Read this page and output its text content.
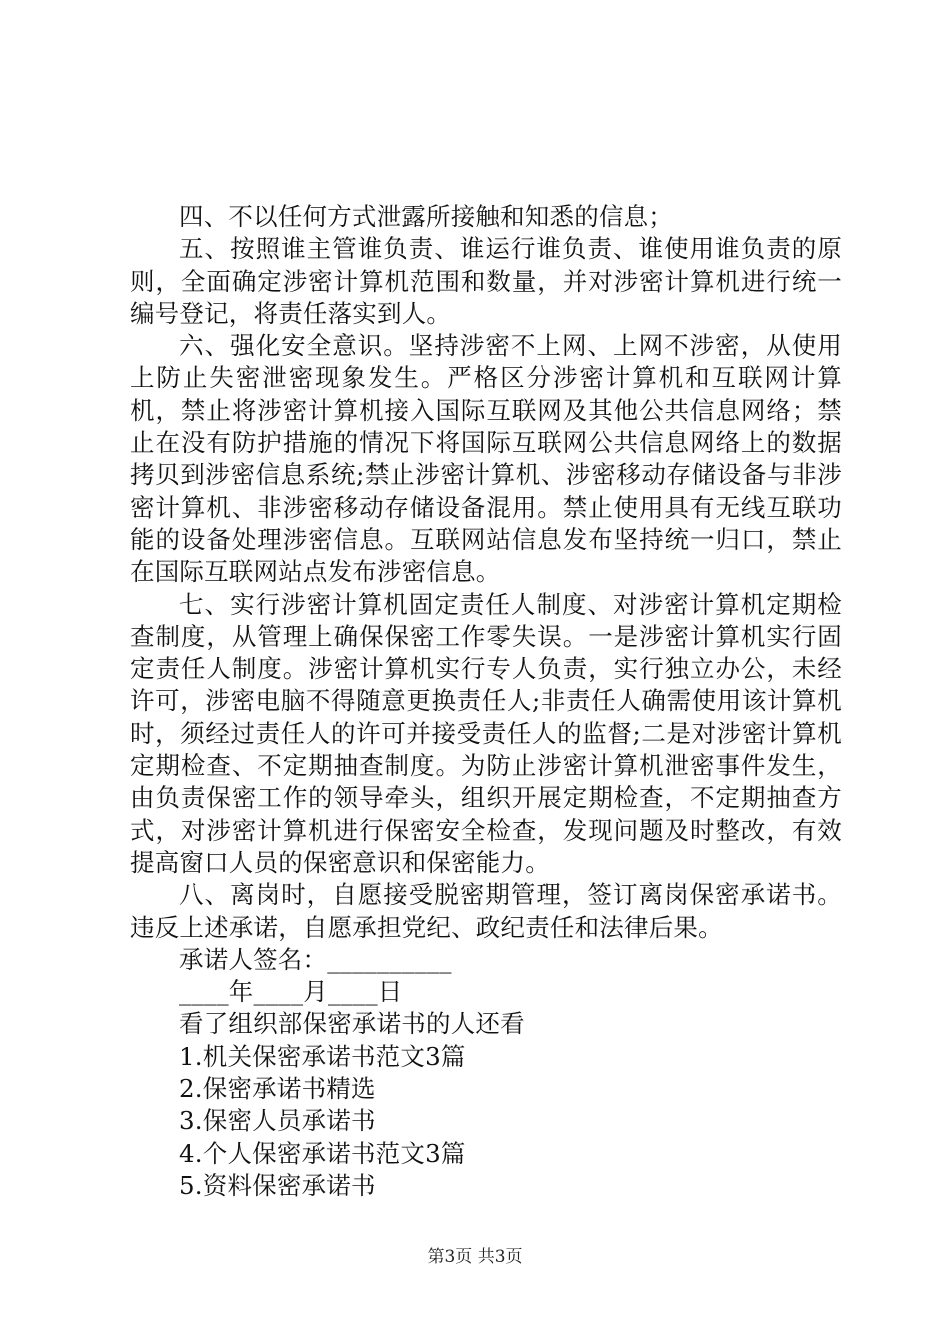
四、不以任何方式泄露所接触和知悉的信息；

五、按照谁主管谁负责、谁运行谁负责、谁使用谁负责的原则，全面确定涉密计算机范围和数量，并对涉密计算机进行统一编号登记，将责任落实到人。

六、强化安全意识。坚持涉密不上网、上网不涉密，从使用上防止失密泄密现象发生。严格区分涉密计算机和互联网计算机，禁止将涉密计算机接入国际互联网及其他公共信息网络；禁止在没有防护措施的情况下将国际互联网公共信息网络上的数据拷贝到涉密信息系统;禁止涉密计算机、涉密移动存储设备与非涉密计算机、非涉密移动存储设备混用。禁止使用具有无线互联功能的设备处理涉密信息。互联网站信息发布坚持统一归口，禁止在国际互联网站点发布涉密信息。

七、实行涉密计算机固定责任人制度、对涉密计算机定期检查制度，从管理上确保保密工作零失误。一是涉密计算机实行固定责任人制度。涉密计算机实行专人负责，实行独立办公，未经许可，涉密电脑不得随意更换责任人;非责任人确需使用该计算机时，须经过责任人的许可并接受责任人的监督;二是对涉密计算机定期检查、不定期抽查制度。为防止涉密计算机泄密事件发生，由负责保密工作的领导牵头，组织开展定期检查，不定期抽查方式，对涉密计算机进行保密安全检查，发现问题及时整改，有效提高窗口人员的保密意识和保密能力。

八、离岗时，自愿接受脱密期管理，签订离岗保密承诺书。违反上述承诺，自愿承担党纪、政纪责任和法律后果。

承诺人签名：__________

____年____月____日

看了组织部保密承诺书的人还看

1.机关保密承诺书范文3篇

2.保密承诺书精选

3.保密人员承诺书

4.个人保密承诺书范文3篇

5.资料保密承诺书

第3页 共3页
